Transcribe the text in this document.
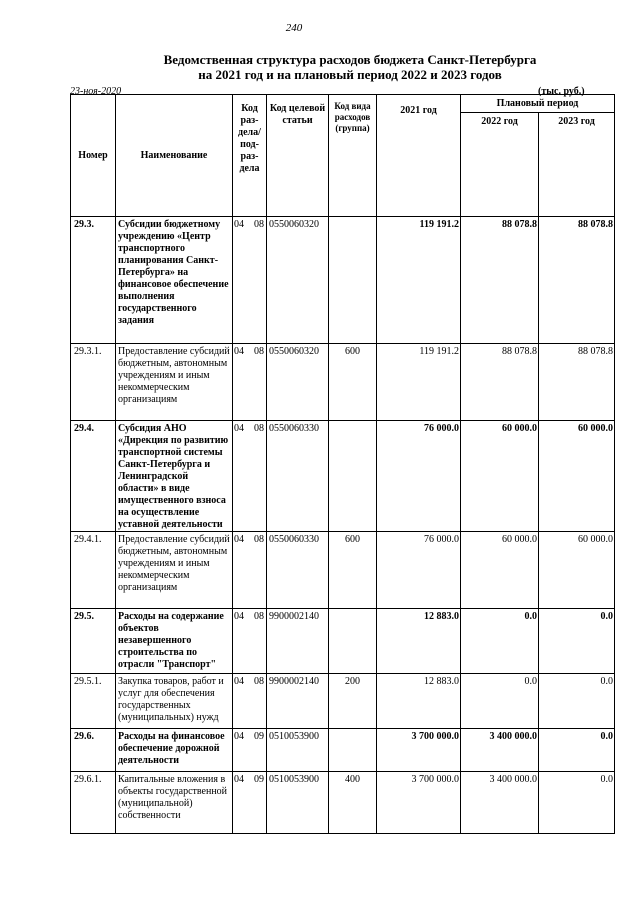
240
Ведомственная структура расходов бюджета Санкт-Петербурга
на 2021 год и на плановый период 2022 и 2023 годов
23-ноя-2020	(тыс. руб.)
Номер	Наименование	Код раз- дела/ под- раз- дела	Код целевой статьи	Код вида расходов (группа)	2021 год	Плановый период	
						2022 год	2023 год
29.3.	Субсидии бюджетному учреждению «Центр транспортного планирования Санкт-Петербурга» на финансовое обеспечение выполнения государственного задания	04 08	0550060320		119 191.2	88 078.8	88 078.8
29.3.1.	Предоставление субсидий бюджетным, автономным учреждениям и иным некоммерческим организациям	04 08	0550060320	600	119 191.2	88 078.8	88 078.8
29.4.	Субсидия АНО «Дирекция по развитию транспортной системы Санкт-Петербурга и Ленинградской области» в виде имущественного взноса на осуществление уставной деятельности	04 08	0550060330		76 000.0	60 000.0	60 000.0
29.4.1.	Предоставление субсидий бюджетным, автономным учреждениям и иным некоммерческим организациям	04 08	0550060330	600	76 000.0	60 000.0	60 000.0
29.5.	Расходы на содержание объектов незавершенного строительства по отрасли "Транспорт"	04 08	9900002140		12 883.0	0.0	0.0
29.5.1.	Закупка товаров, работ и услуг для обеспечения государственных (муниципальных) нужд	04 08	9900002140	200	12 883.0	0.0	0.0
29.6.	Расходы на финансовое обеспечение дорожной деятельности	04 09	0510053900		3 700 000.0	3 400 000.0	0.0
29.6.1.	Капитальные вложения в объекты государственной (муниципальной) собственности	04 09	0510053900	400	3 700 000.0	3 400 000.0	0.0
